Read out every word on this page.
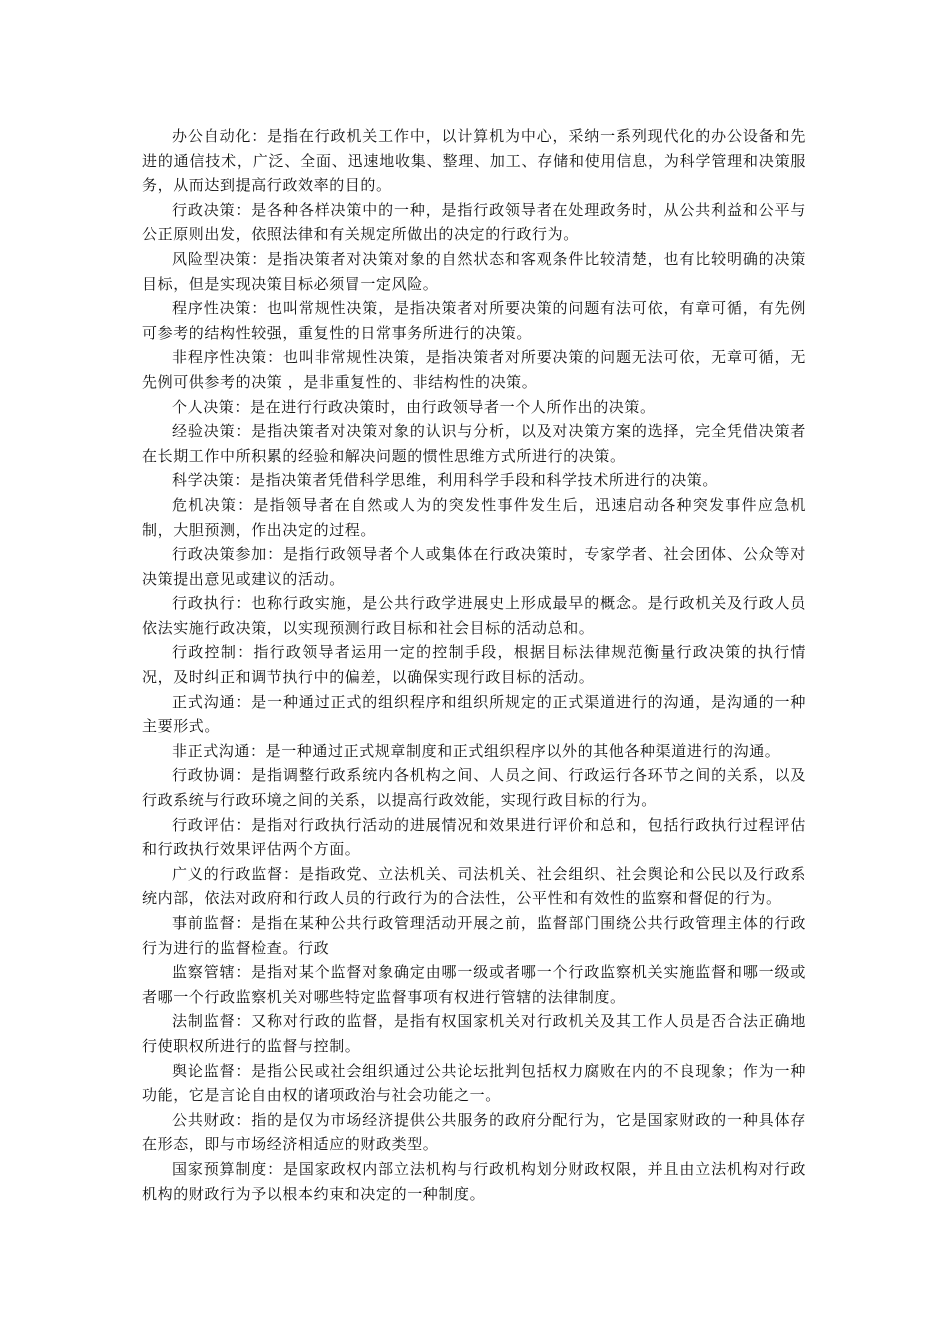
办公自动化：是指在行政机关工作中，以计算机为中心，采纳一系列现代化的办公设备和先进的通信技术，广泛、全面、迅速地收集、整理、加工、存储和使用信息，为科学管理和决策服务，从而达到提高行政效率的目的。

行政决策：是各种各样决策中的一种，是指行政领导者在处理政务时，从公共利益和公平与公正原则出发，依照法律和有关规定所做出的决定的行政行为。

风险型决策：是指决策者对决策对象的自然状态和客观条件比较清楚，也有比较明确的决策目标，但是实现决策目标必须冒一定风险。

程序性决策：也叫常规性决策，是指决策者对所要决策的问题有法可依，有章可循，有先例可参考的结构性较强，重复性的日常事务所进行的决策。

非程序性决策：也叫非常规性决策，是指决策者对所要决策的问题无法可依，无章可循，无先例可供参考的决策 ，是非重复性的、非结构性的决策。

个人决策：是在进行行政决策时，由行政领导者一个人所作出的决策。

经验决策：是指决策者对决策对象的认识与分析，以及对决策方案的选择，完全凭借决策者在长期工作中所积累的经验和解决问题的惯性思维方式所进行的决策。

科学决策：是指决策者凭借科学思维，利用科学手段和科学技术所进行的决策。

危机决策：是指领导者在自然或人为的突发性事件发生后，迅速启动各种突发事件应急机制，大胆预测，作出决定的过程。

行政决策参加：是指行政领导者个人或集体在行政决策时，专家学者、社会团体、公众等对决策提出意见或建议的活动。

行政执行：也称行政实施，是公共行政学进展史上形成最早的概念。是行政机关及行政人员依法实施行政决策，以实现预测行政目标和社会目标的活动总和。

行政控制：指行政领导者运用一定的控制手段，根据目标法律规范衡量行政决策的执行情况，及时纠正和调节执行中的偏差，以确保实现行政目标的活动。

正式沟通：是一种通过正式的组织程序和组织所规定的正式渠道进行的沟通，是沟通的一种主要形式。

非正式沟通：是一种通过正式规章制度和正式组织程序以外的其他各种渠道进行的沟通。

行政协调：是指调整行政系统内各机构之间、人员之间、行政运行各环节之间的关系，以及行政系统与行政环境之间的关系，以提高行政效能，实现行政目标的行为。

行政评估：是指对行政执行活动的进展情况和效果进行评价和总和，包括行政执行过程评估和行政执行效果评估两个方面。

广义的行政监督：是指政党、立法机关、司法机关、社会组织、社会舆论和公民以及行政系统内部，依法对政府和行政人员的行政行为的合法性，公平性和有效性的监察和督促的行为。

事前监督：是指在某种公共行政管理活动开展之前，监督部门围绕公共行政管理主体的行政行为进行的监督检查。行政

监察管辖：是指对某个监督对象确定由哪一级或者哪一个行政监察机关实施监督和哪一级或者哪一个行政监察机关对哪些特定监督事项有权进行管辖的法律制度。

法制监督：又称对行政的监督，是指有权国家机关对行政机关及其工作人员是否合法正确地行使职权所进行的监督与控制。

舆论监督：是指公民或社会组织通过公共论坛批判包括权力腐败在内的不良现象；作为一种功能，它是言论自由权的诸项政治与社会功能之一。

公共财政：指的是仅为市场经济提供公共服务的政府分配行为，它是国家财政的一种具体存在形态，即与市场经济相适应的财政类型。

国家预算制度：是国家政权内部立法机构与行政机构划分财政权限，并且由立法机构对行政机构的财政行为予以根本约束和决定的一种制度。
